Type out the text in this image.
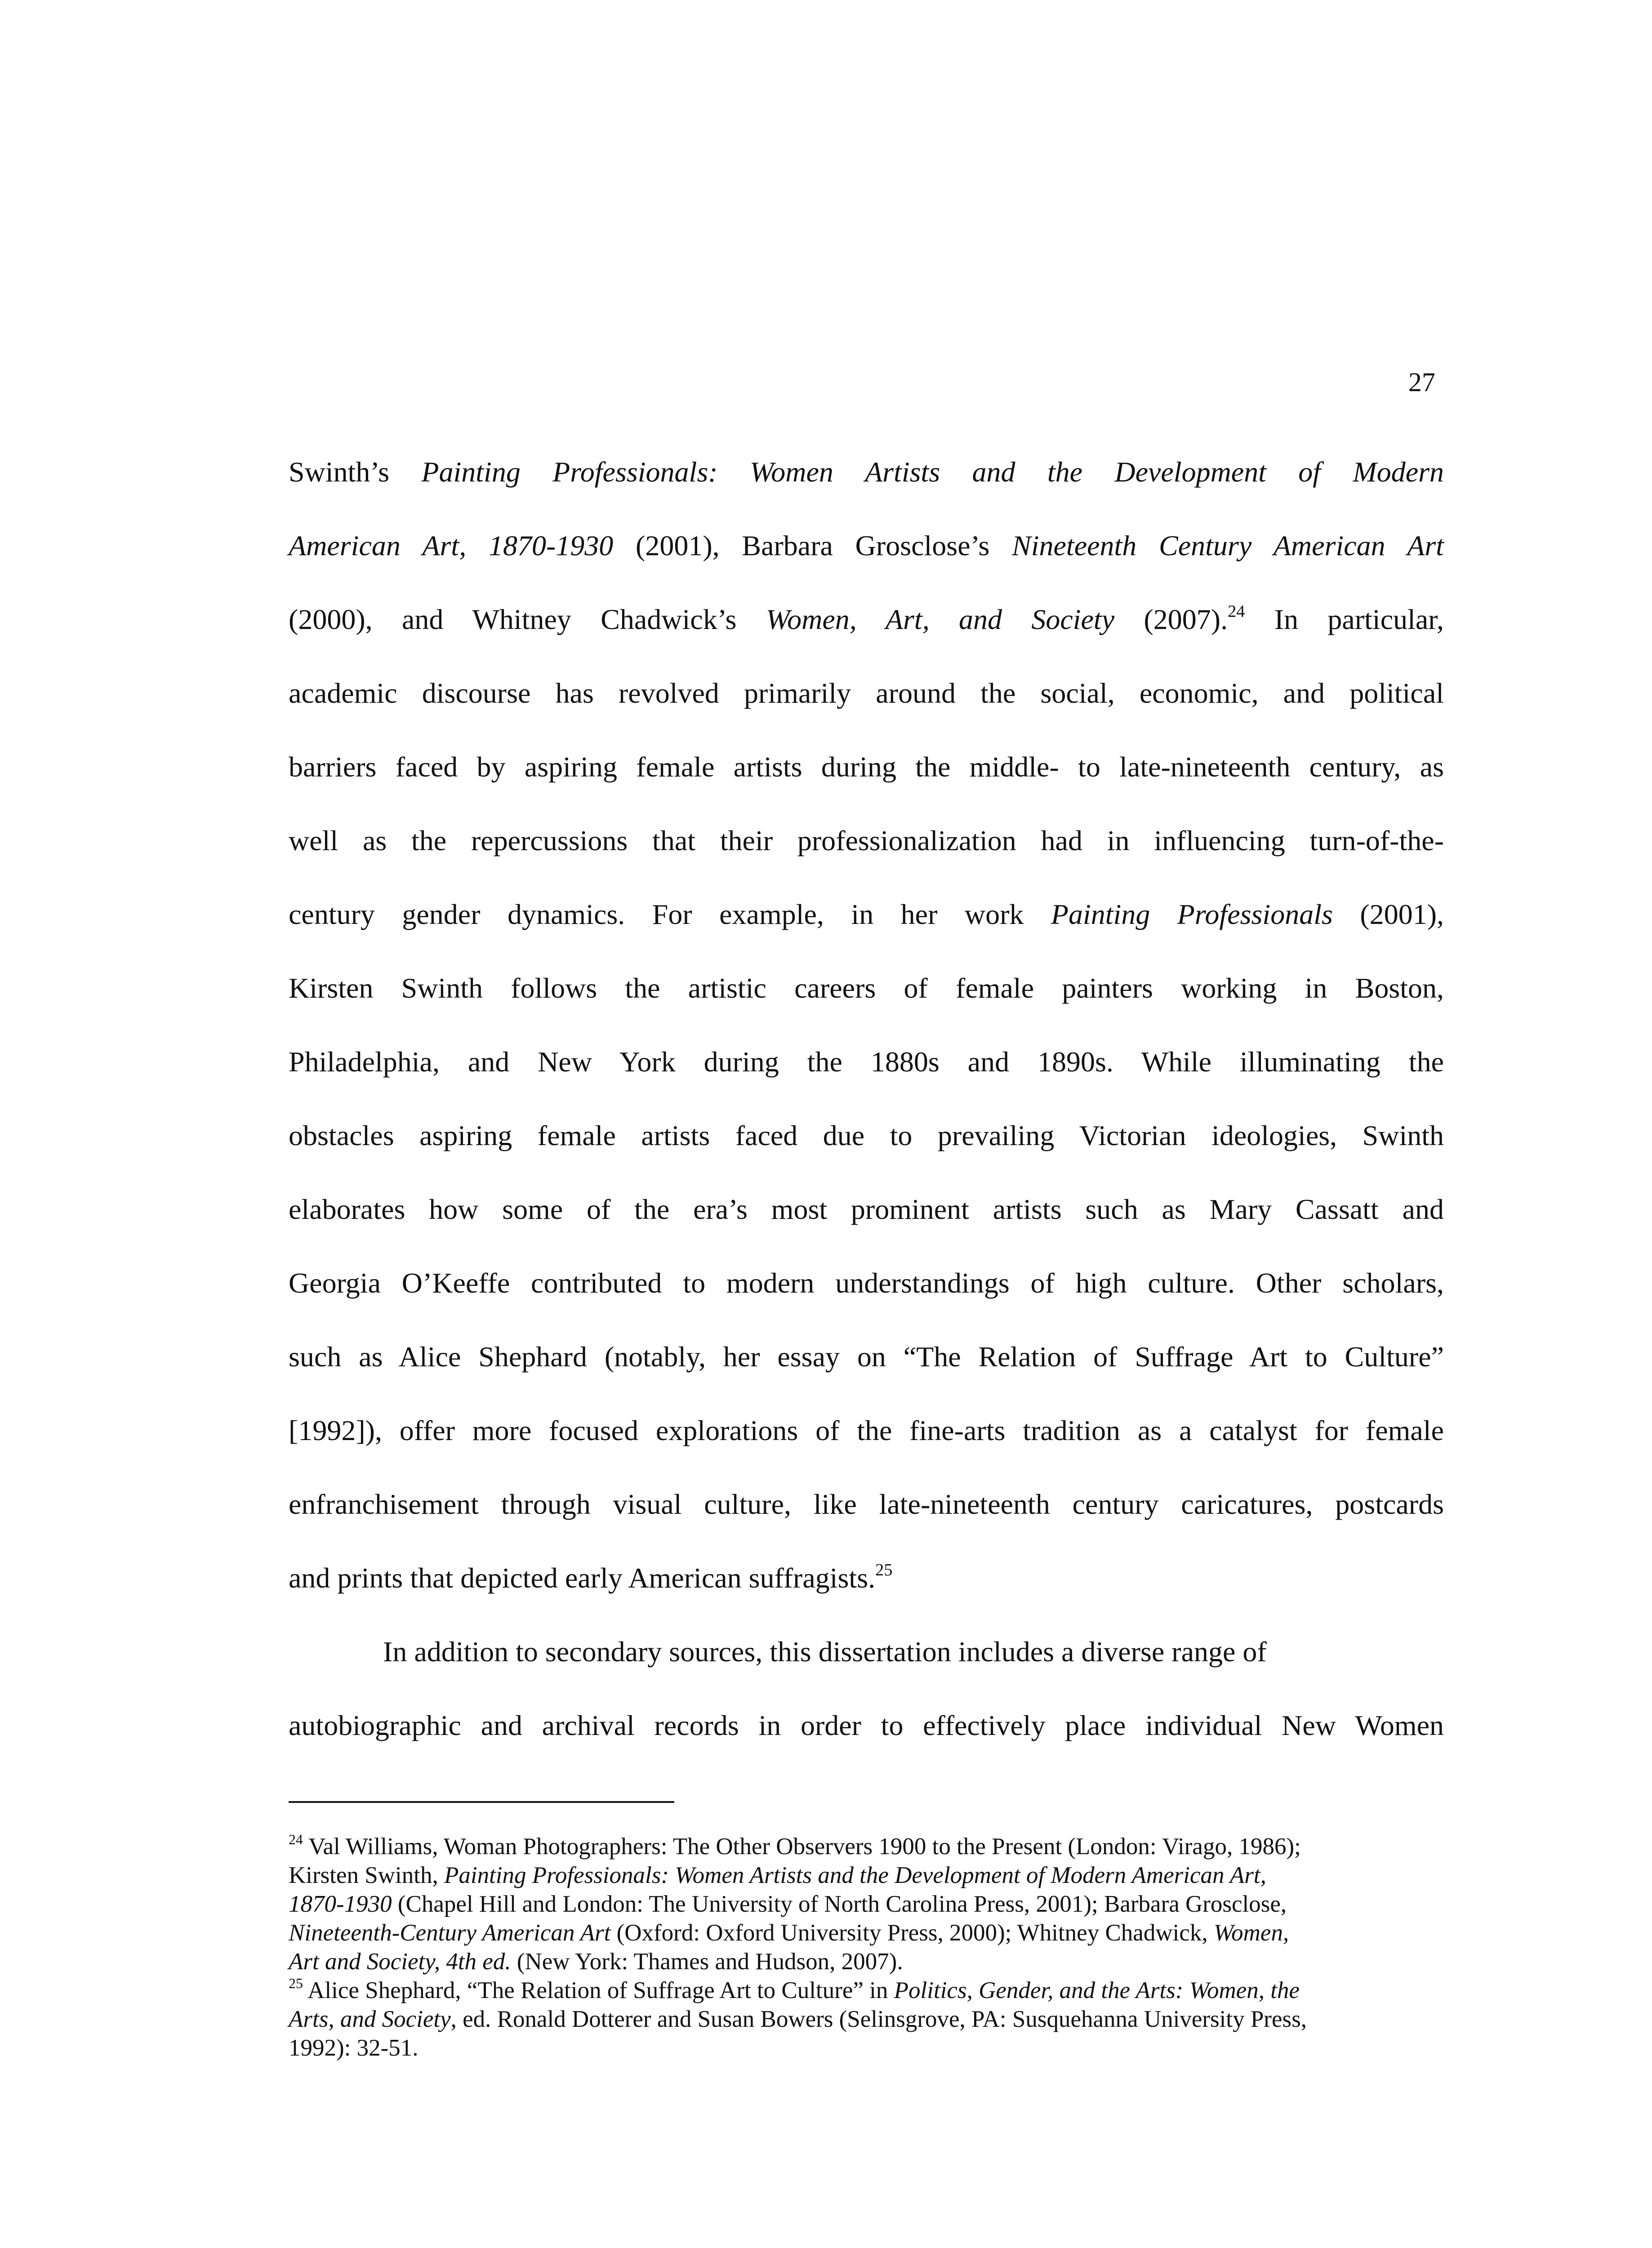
27
Swinth’s Painting Professionals: Women Artists and the Development of Modern
American Art, 1870-1930 (2001), Barbara Grosclose’s Nineteenth Century American Art
(2000), and Whitney Chadwick’s Women, Art, and Society (2007).$^{24}$ In particular,
academic discourse has revolved primarily around the social, economic, and political
barriers faced by aspiring female artists during the middle- to late-nineteenth century, as
well as the repercussions that their professionalization had in influencing turn-of-the-
century gender dynamics. For example, in her work Painting Professionals (2001),
Kirsten Swinth follows the artistic careers of female painters working in Boston,
Philadelphia, and New York during the 1880s and 1890s. While illuminating the
obstacles aspiring female artists faced due to prevailing Victorian ideologies, Swinth
elaborates how some of the era’s most prominent artists such as Mary Cassatt and
Georgia O’Keeffe contributed to modern understandings of high culture. Other scholars,
such as Alice Shephard (notably, her essay on “The Relation of Suffrage Art to Culture”
[1992]), offer more focused explorations of the fine-arts tradition as a catalyst for female
enfranchisement through visual culture, like late-nineteenth century caricatures, postcards
and prints that depicted early American suffragists.$^{25}$
In addition to secondary sources, this dissertation includes a diverse range of
autobiographic and archival records in order to effectively place individual New Women
$^{24}$ Val Williams, Woman Photographers: The Other Observers 1900 to the Present (London: Virago, 1986);
Kirsten Swinth, Painting Professionals: Women Artists and the Development of Modern American Art,
1870-1930 (Chapel Hill and London: The University of North Carolina Press, 2001); Barbara Grosclose,
Nineteenth-Century American Art (Oxford: Oxford University Press, 2000); Whitney Chadwick, Women,
Art and Society, 4th ed. (New York: Thames and Hudson, 2007).
$^{25}$ Alice Shephard, “The Relation of Suffrage Art to Culture” in Politics, Gender, and the Arts: Women, the
Arts, and Society, ed. Ronald Dotterer and Susan Bowers (Selinsgrove, PA: Susquehanna University Press,
1992): 32-51.
